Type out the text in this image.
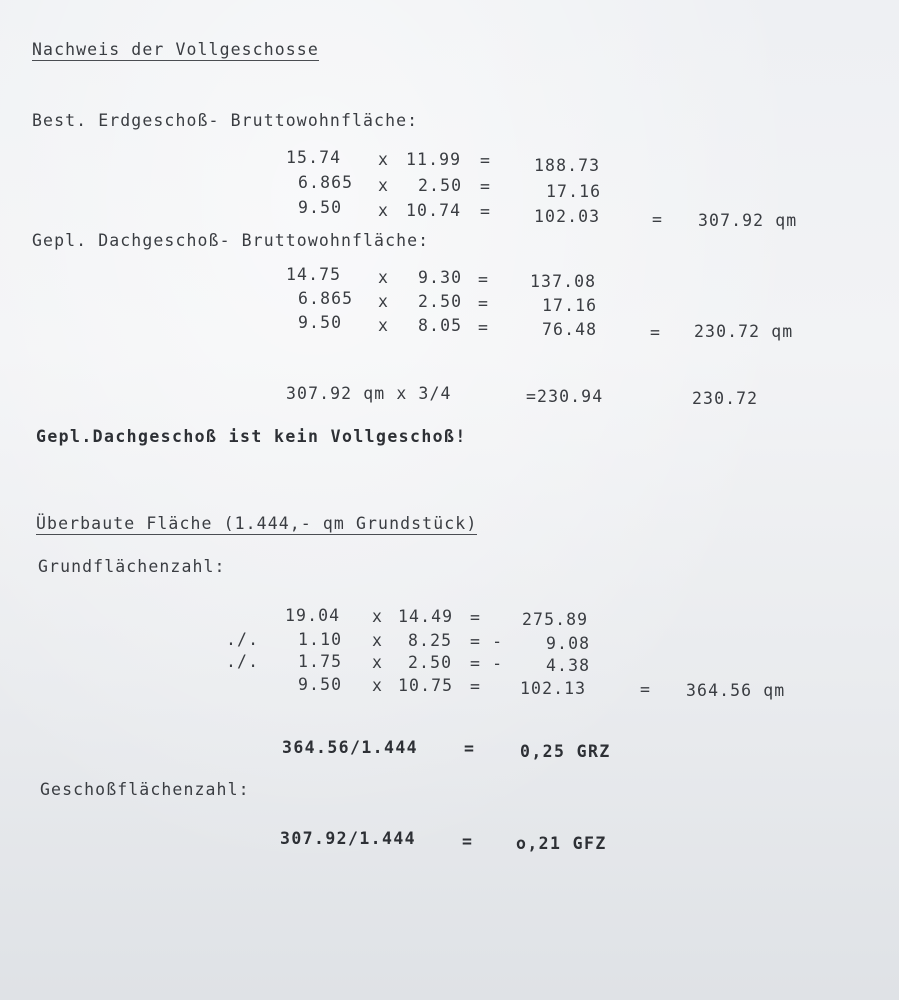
Nachweis der Vollgeschosse
Best. Erdgeschoß- Bruttowohnfläche:
15.74 x 11.99 =	188.73
6.865 x 2.50 =	17.16
9.50 x 10.74 =	102.03	= 307.92 qm
Gepl. Dachgeschoß- Bruttowohnfläche:
14.75 x 9.30 = 137.08
6.865 x 2.50 =	17.16
9.50 x 8.05 =	76.48	= 230.72 qm
307.92 qm x 3/4	=230.94	230.72
Gepl.Dachgeschoß ist kein Vollgeschoß!
Überbaute Fläche (1.444,- qm Grundstück)
Grundflächenzahl:
19.04 x 14.49 = 275.89
./. 1.10 x 8.25 = -	9.08
./. 1.75 x 2.50 = -	4.38
9.50 x 10.75 = 102.13	= 364.56 qm
364.56/1.444	=	0,25 GRZ
Geschoßflächenzahl:
307.92/1.444	=	o,21 GFZ
